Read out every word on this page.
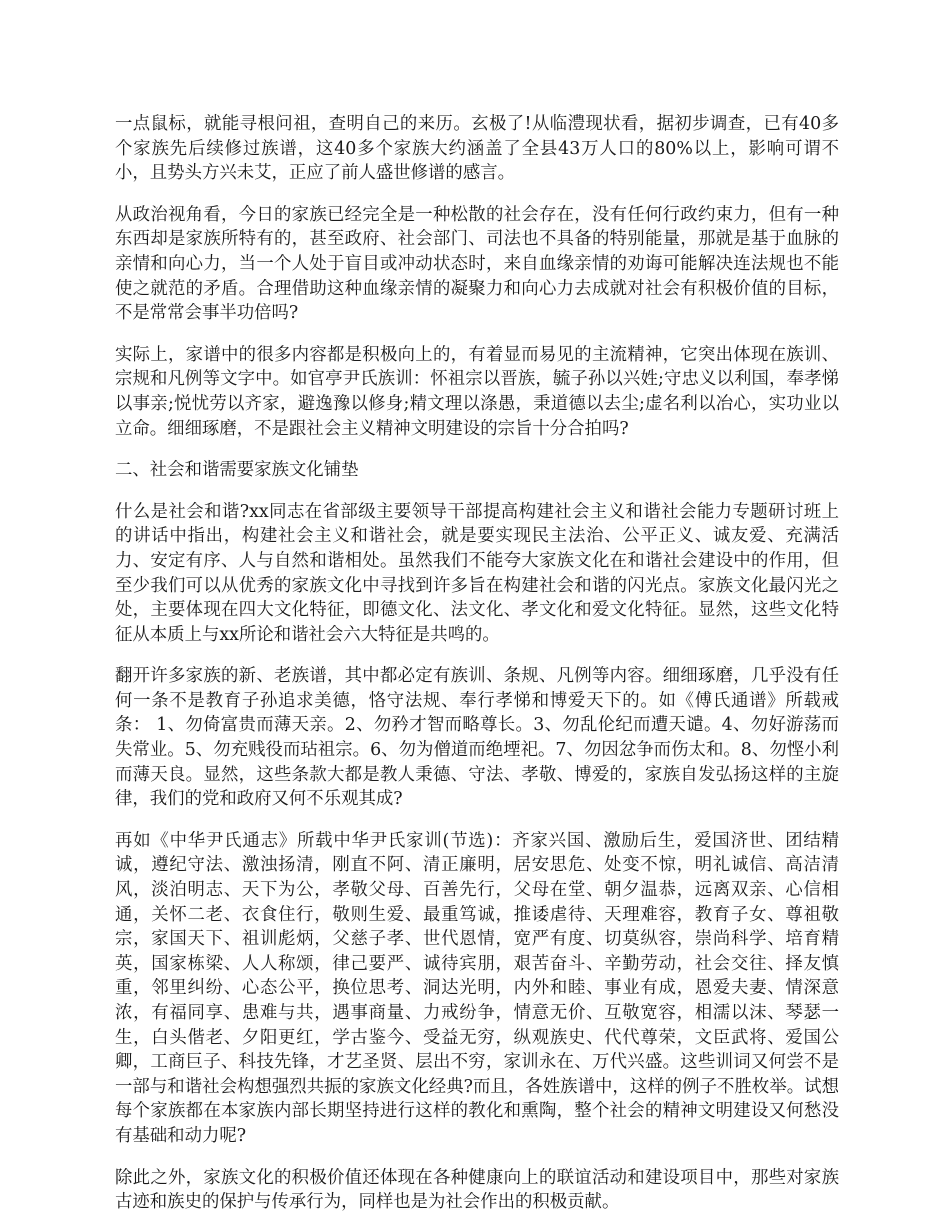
一点鼠标，就能寻根问祖，查明自己的来历。玄极了!从临澧现状看，据初步调查，已有40多个家族先后续修过族谱，这40多个家族大约涵盖了全县43万人口的80%以上，影响可谓不小，且势头方兴未艾，正应了前人盛世修谱的感言。

从政治视角看，今日的家族已经完全是一种松散的社会存在，没有任何行政约束力，但有一种东西却是家族所特有的，甚至政府、社会部门、司法也不具备的特别能量，那就是基于血脉的亲情和向心力，当一个人处于盲目或冲动状态时，来自血缘亲情的劝诲可能解决连法规也不能使之就范的矛盾。合理借助这种血缘亲情的凝聚力和向心力去成就对社会有积极价值的目标，不是常常会事半功倍吗?

实际上，家谱中的很多内容都是积极向上的，有着显而易见的主流精神，它突出体现在族训、宗规和凡例等文字中。如官亭尹氏族训：怀祖宗以晋族，毓子孙以兴姓;守忠义以利国，奉孝悌以事亲;悦忧劳以齐家，避逸豫以修身;精文理以涤愚，秉道德以去尘;虚名利以冶心，实功业以立命。细细琢磨，不是跟社会主义精神文明建设的宗旨十分合拍吗?

二、社会和谐需要家族文化铺垫

什么是社会和谐?xx同志在省部级主要领导干部提高构建社会主义和谐社会能力专题研讨班上的讲话中指出，构建社会主义和谐社会，就是要实现民主法治、公平正义、诚友爱、充满活力、安定有序、人与自然和谐相处。虽然我们不能夸大家族文化在和谐社会建设中的作用，但至少我们可以从优秀的家族文化中寻找到许多旨在构建社会和谐的闪光点。家族文化最闪光之处，主要体现在四大文化特征，即德文化、法文化、孝文化和爱文化特征。显然，这些文化特征从本质上与xx所论和谐社会六大特征是共鸣的。

翻开许多家族的新、老族谱，其中都必定有族训、条规、凡例等内容。细细琢磨，几乎没有任何一条不是教育子孙追求美德，恪守法规、奉行孝悌和博爱天下的。如《傅氏通谱》所载戒条： 1、勿倚富贵而薄天亲。2、勿矜才智而略尊长。3、勿乱伦纪而遭天谴。4、勿好游荡而失常业。5、勿充贱役而玷祖宗。6、勿为僧道而绝堙祀。7、勿因忿争而伤太和。8、勿悭小利而薄天良。显然，这些条款大都是教人秉德、守法、孝敬、博爱的，家族自发弘扬这样的主旋律，我们的党和政府又何不乐观其成?

再如《中华尹氏通志》所载中华尹氏家训(节选)：齐家兴国、激励后生，爱国济世、团结精诚，遵纪守法、激浊扬清，刚直不阿、清正廉明，居安思危、处变不惊，明礼诚信、高洁清风，淡泊明志、天下为公，孝敬父母、百善先行，父母在堂、朝夕温恭，远离双亲、心信相通，关怀二老、衣食住行，敬则生爱、最重笃诚，推诿虐待、天理难容，教育子女、尊祖敬宗，家国天下、祖训彪炳，父慈子孝、世代恩情，宽严有度、切莫纵容，崇尚科学、培育精英，国家栋梁、人人称颂，律己要严、诚待宾朋，艰苦奋斗、辛勤劳动，社会交往、择友慎重，邻里纠纷、心态公平，换位思考、洞达光明，内外和睦、事业有成，恩爱夫妻、情深意浓，有福同享、患难与共，遇事商量、力戒纷争，情意无价、互敬宽容，相濡以沫、琴瑟一生，白头偕老、夕阳更红，学古鉴今、受益无穷，纵观族史、代代尊荣，文臣武将、爱国公卿，工商巨子、科技先锋，才艺圣贤、层出不穷，家训永在、万代兴盛。这些训词又何尝不是一部与和谐社会构想强烈共振的家族文化经典?而且，各姓族谱中，这样的例子不胜枚举。试想每个家族都在本家族内部长期坚持进行这样的教化和熏陶，整个社会的精神文明建设又何愁没有基础和动力呢?

除此之外，家族文化的积极价值还体现在各种健康向上的联谊活动和建设项目中，那些对家族古迹和族史的保护与传承行为，同样也是为社会作出的积极贡献。
